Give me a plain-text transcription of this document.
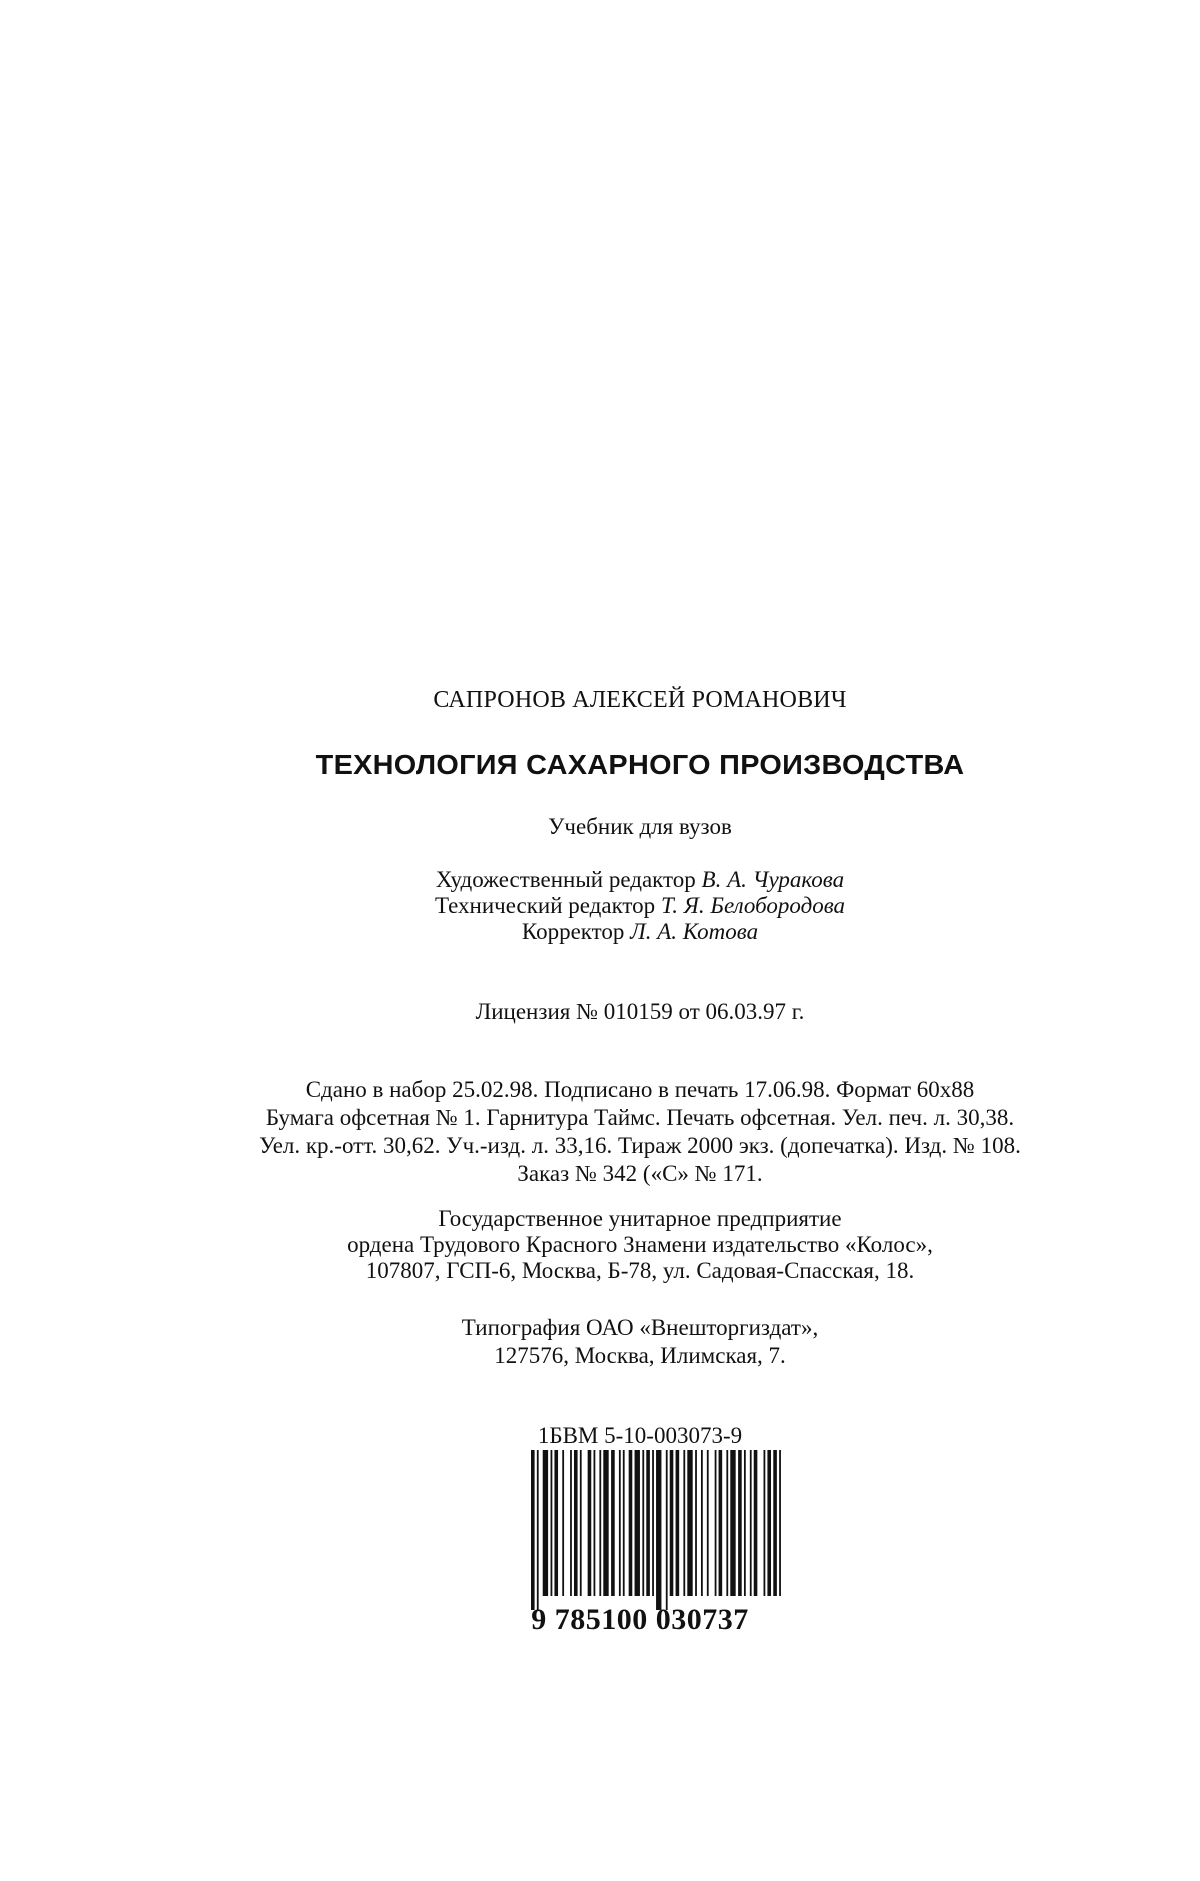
САПРОНОВ АЛЕКСЕЙ РОМАНОВИЧ
ТЕХНОЛОГИЯ САХАРНОГО ПРОИЗВОДСТВА
Учебник для вузов
Художественный редактор В. А. Чуракова
Технический редактор Т. Я. Белобородова
Корректор Л. А. Котова
Лицензия № 010159 от 06.03.97 г.
Сдано в набор 25.02.98. Подписано в печать 17.06.98. Формат 60x88
Бумага офсетная № 1. Гарнитура Таймс. Печать офсетная. Уел. печ. л. 30,38.
Уел. кр.-отт. 30,62. Уч.-изд. л. 33,16. Тираж 2000 экз. (допечатка). Изд. № 108.
Заказ № 342 («С» № 171.
Государственное унитарное предприятие
ордена Трудового Красного Знамени издательство «Колос»,
107807, ГСП-6, Москва, Б-78, ул. Садовая-Спасская, 18.
Типография ОАО «Внешторгиздат»,
127576, Москва, Илимская, 7.
1БВМ 5-10-003073-9
9 785100 030737
